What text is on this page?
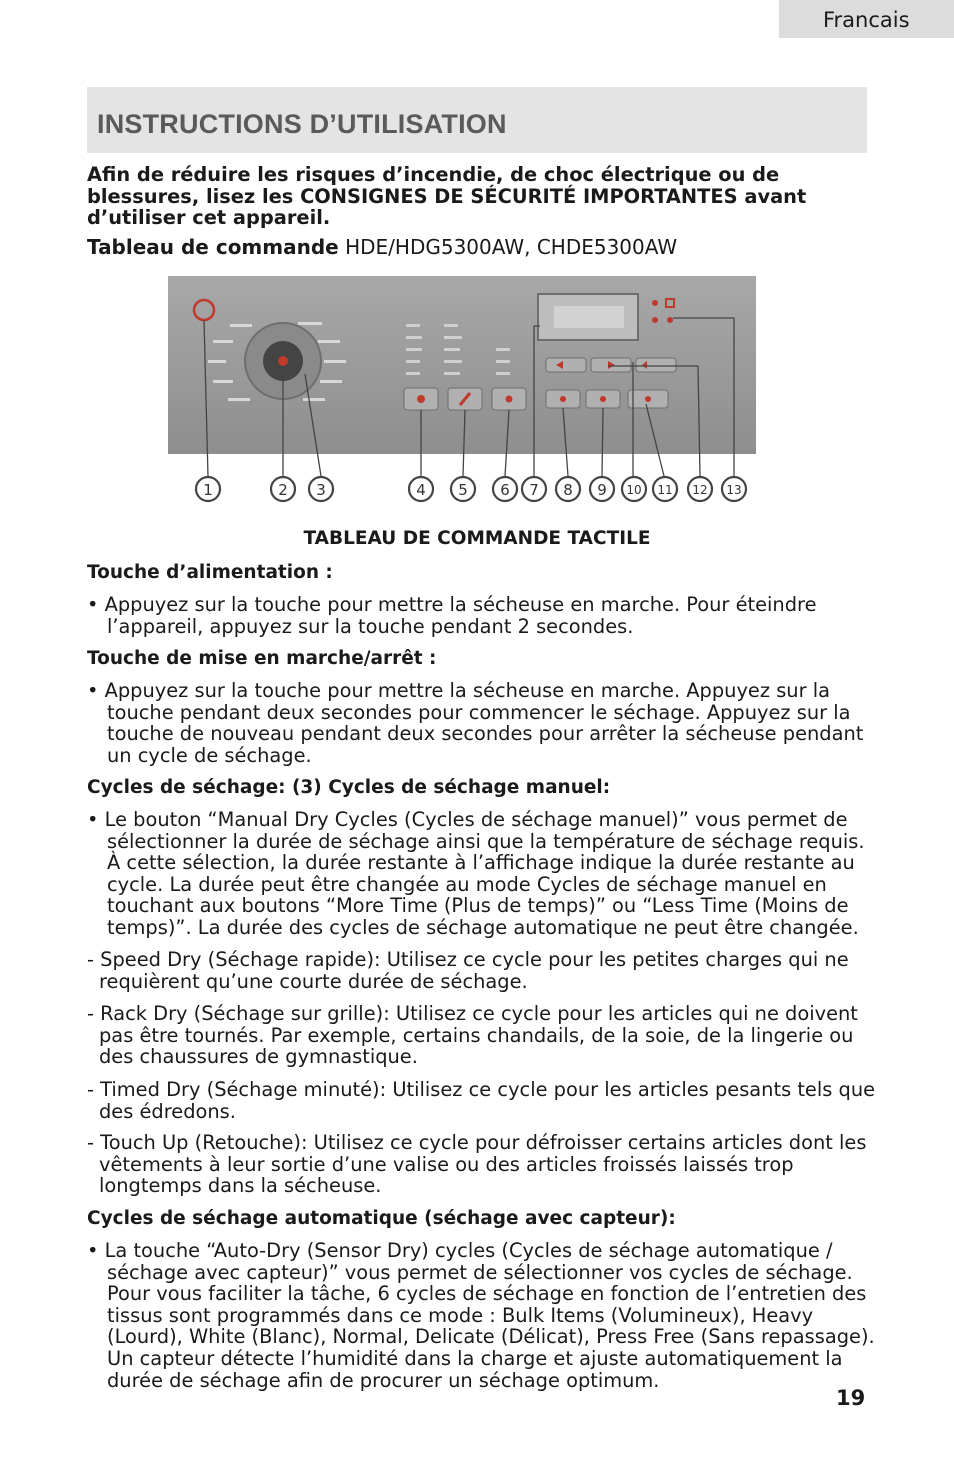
Francais
INSTRUCTIONS D’UTILISATION
Afin de réduire les risques d’incendie, de choc électrique ou de blessures, lisez les CONSIGNES DE SÉCURITÉ IMPORTANTES avant d’utiliser cet appareil.
Tableau de commande HDE/HDG5300AW, CHDE5300AW
1	2 3	4 5 6 7 8 9 10 11 12 13
TABLEAU DE COMMANDE TACTILE
Touche d’alimentation :
• Appuyez sur la touche pour mettre la sécheuse en marche. Pour éteindre l’appareil, appuyez sur la touche pendant 2 secondes.
Touche de mise en marche/arrêt :
• Appuyez sur la touche pour mettre la sécheuse en marche. Appuyez sur la touche pendant deux secondes pour commencer le séchage. Appuyez sur la touche de nouveau pendant deux secondes pour arrêter la sécheuse pendant un cycle de séchage.
Cycles de séchage: (3) Cycles de séchage manuel:
• Le bouton “Manual Dry Cycles (Cycles de séchage manuel)” vous permet de sélectionner la durée de séchage ainsi que la température de séchage requis. À cette sélection, la durée restante à l’affichage indique la durée restante au cycle. La durée peut être changée au mode Cycles de séchage manuel en touchant aux boutons “More Time (Plus de temps)” ou “Less Time (Moins de temps)”. La durée des cycles de séchage automatique ne peut être changée.
- Speed Dry (Séchage rapide): Utilisez ce cycle pour les petites charges qui ne requièrent qu’une courte durée de séchage.
- Rack Dry (Séchage sur grille): Utilisez ce cycle pour les articles qui ne doivent pas être tournés. Par exemple, certains chandails, de la soie, de la lingerie ou des chaussures de gymnastique.
- Timed Dry (Séchage minuté): Utilisez ce cycle pour les articles pesants tels que des édredons.
- Touch Up (Retouche): Utilisez ce cycle pour défroisser certains articles dont les vêtements à leur sortie d’une valise ou des articles froissés laissés trop longtemps dans la sécheuse.
Cycles de séchage automatique (séchage avec capteur):
• La touche “Auto-Dry (Sensor Dry) cycles (Cycles de séchage automatique / séchage avec capteur)” vous permet de sélectionner vos cycles de séchage. Pour vous faciliter la tâche, 6 cycles de séchage en fonction de l’entretien des tissus sont programmés dans ce mode : Bulk Items (Volumineux), Heavy (Lourd), White (Blanc), Normal, Delicate (Délicat), Press Free (Sans repassage). Un capteur détecte l’humidité dans la charge et ajuste automatiquement la durée de séchage afin de procurer un séchage optimum.
19
